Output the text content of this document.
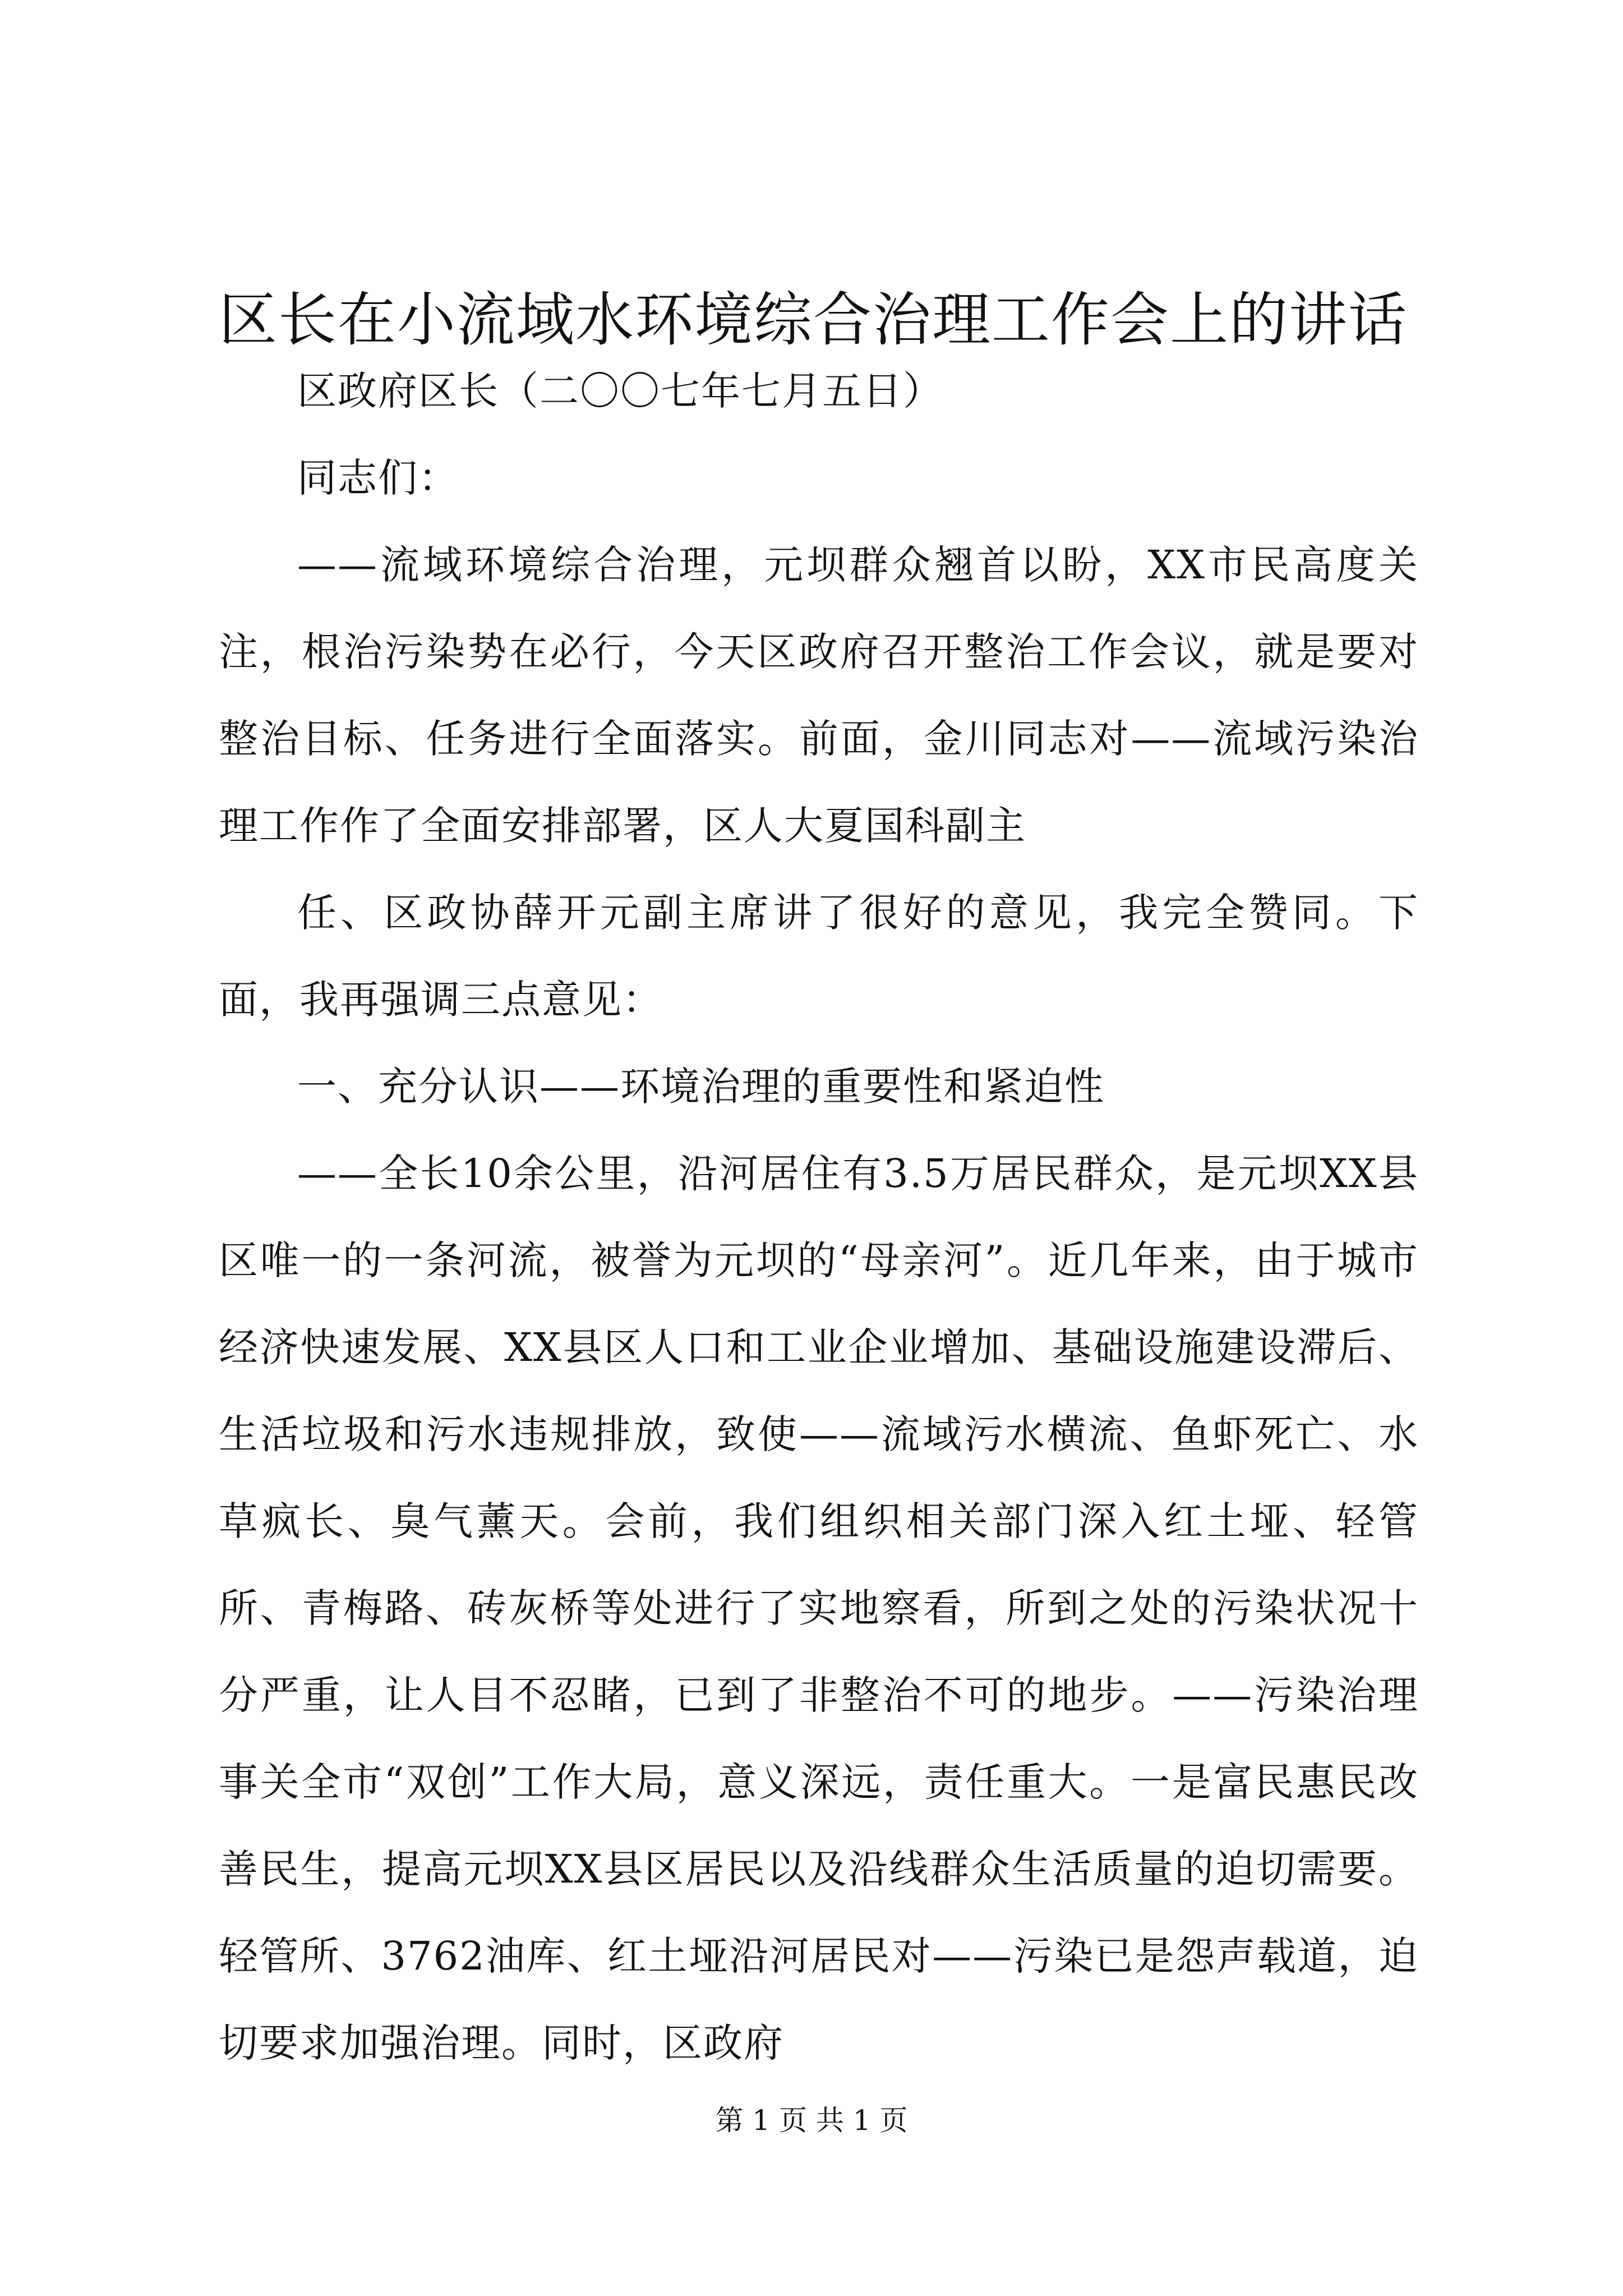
区长在小流域水环境综合治理工作会上的讲话

区政府区长（二〇〇七年七月五日）

同志们：

——流域环境综合治理，元坝群众翘首以盼，XX市民高度关注，根治污染势在必行，今天区政府召开整治工作会议，就是要对整治目标、任务进行全面落实。前面，金川同志对——流域污染治理工作作了全面安排部署，区人大夏国科副主

任、区政协薛开元副主席讲了很好的意见，我完全赞同。下面，我再强调三点意见：

一、充分认识——环境治理的重要性和紧迫性

——全长10余公里，沿河居住有3.5万居民群众，是元坝XX县区唯一的一条河流，被誉为元坝的“母亲河”。近几年来，由于城市经济快速发展、XX县区人口和工业企业增加、基础设施建设滞后、生活垃圾和污水违规排放，致使——流域污水横流、鱼虾死亡、水草疯长、臭气薰天。会前，我们组织相关部门深入红土垭、轻管所、青梅路、砖灰桥等处进行了实地察看，所到之处的污染状况十分严重，让人目不忍睹，已到了非整治不可的地步。——污染治理事关全市“双创”工作大局，意义深远，责任重大。一是富民惠民改善民生，提高元坝XX县区居民以及沿线群众生活质量的迫切需要。轻管所、3762油库、红土垭沿河居民对——污染已是怨声载道，迫切要求加强治理。同时，区政府

第 1 页 共 1 页
